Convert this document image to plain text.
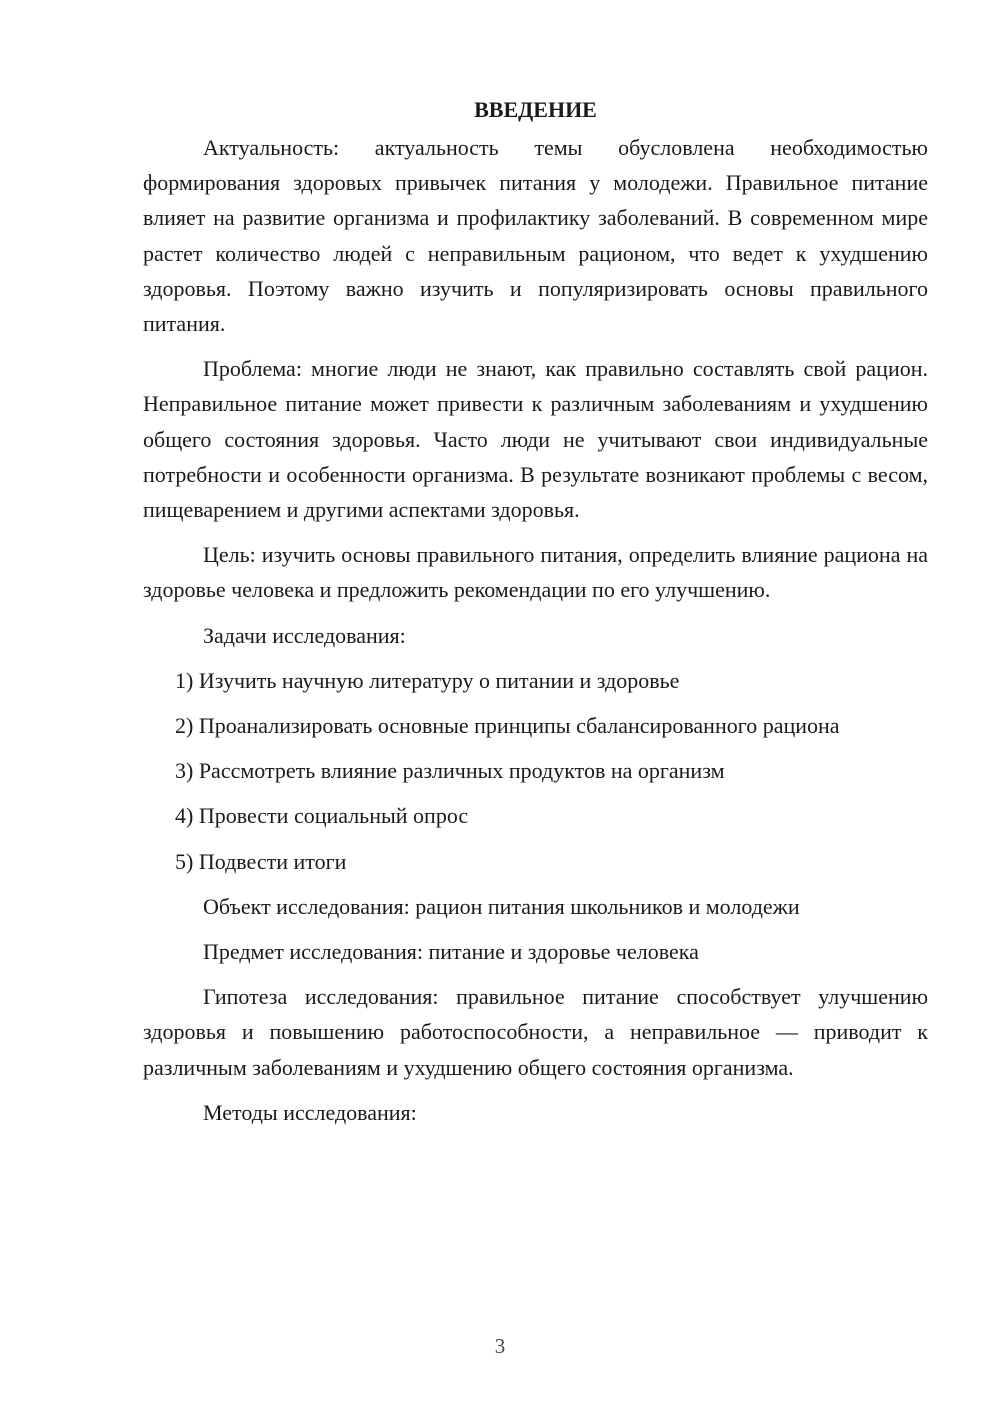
ВВЕДЕНИЕ

Актуальность: актуальность темы обусловлена необходимостью формирования здоровых привычек питания у молодежи. Правильное питание влияет на развитие организма и профилактику заболеваний. В современном мире растет количество людей с неправильным рационом, что ведет к ухудшению здоровья. Поэтому важно изучить и популяризировать основы правильного питания.

Проблема: многие люди не знают, как правильно составлять свой рацион. Неправильное питание может привести к различным заболеваниям и ухудшению общего состояния здоровья. Часто люди не учитывают свои индивидуальные потребности и особенности организма. В результате возникают проблемы с весом, пищеварением и другими аспектами здоровья.

Цель: изучить основы правильного питания, определить влияние рациона на здоровье человека и предложить рекомендации по его улучшению.

Задачи исследования:

1) Изучить научную литературу о питании и здоровье

2) Проанализировать основные принципы сбалансированного рациона

3) Рассмотреть влияние различных продуктов на организм

4) Провести социальный опрос

5) Подвести итоги

Объект исследования: рацион питания школьников и молодежи

Предмет исследования: питание и здоровье человека

Гипотеза исследования: правильное питание способствует улучшению здоровья и повышению работоспособности, а неправильное — приводит к различным заболеваниям и ухудшению общего состояния организма.

Методы исследования:

3
